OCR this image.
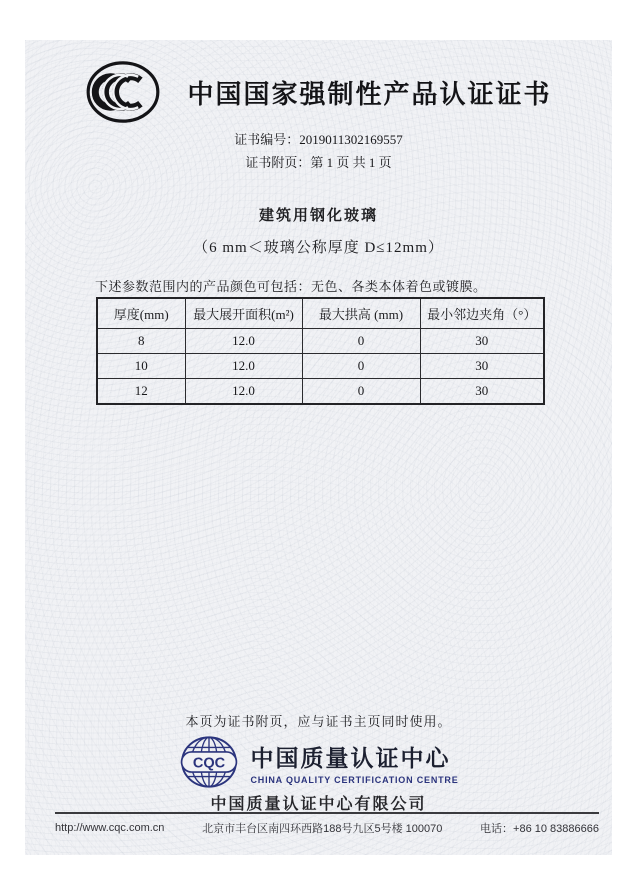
中国国家强制性产品认证证书
证书编号：2019011302169557
证书附页：第 1 页 共 1 页
建筑用钢化玻璃
（6 mm＜玻璃公称厚度 D≤12mm）
下述参数范围内的产品颜色可包括：无色、各类本体着色或镀膜。
厚度(mm)	最大展开面积(m²)	最大拱高 (mm)	最小邻边夹角（°）
8	12.0	0	30
10	12.0	0	30
12	12.0	0	30
本页为证书附页，应与证书主页同时使用。
CQC 中国质量认证中心
CHINA QUALITY CERTIFICATION CENTRE
中国质量认证中心有限公司
http://www.cqc.com.cn	北京市丰台区南四环西路188号九区5号楼 100070	电话：+86 10 83886666
